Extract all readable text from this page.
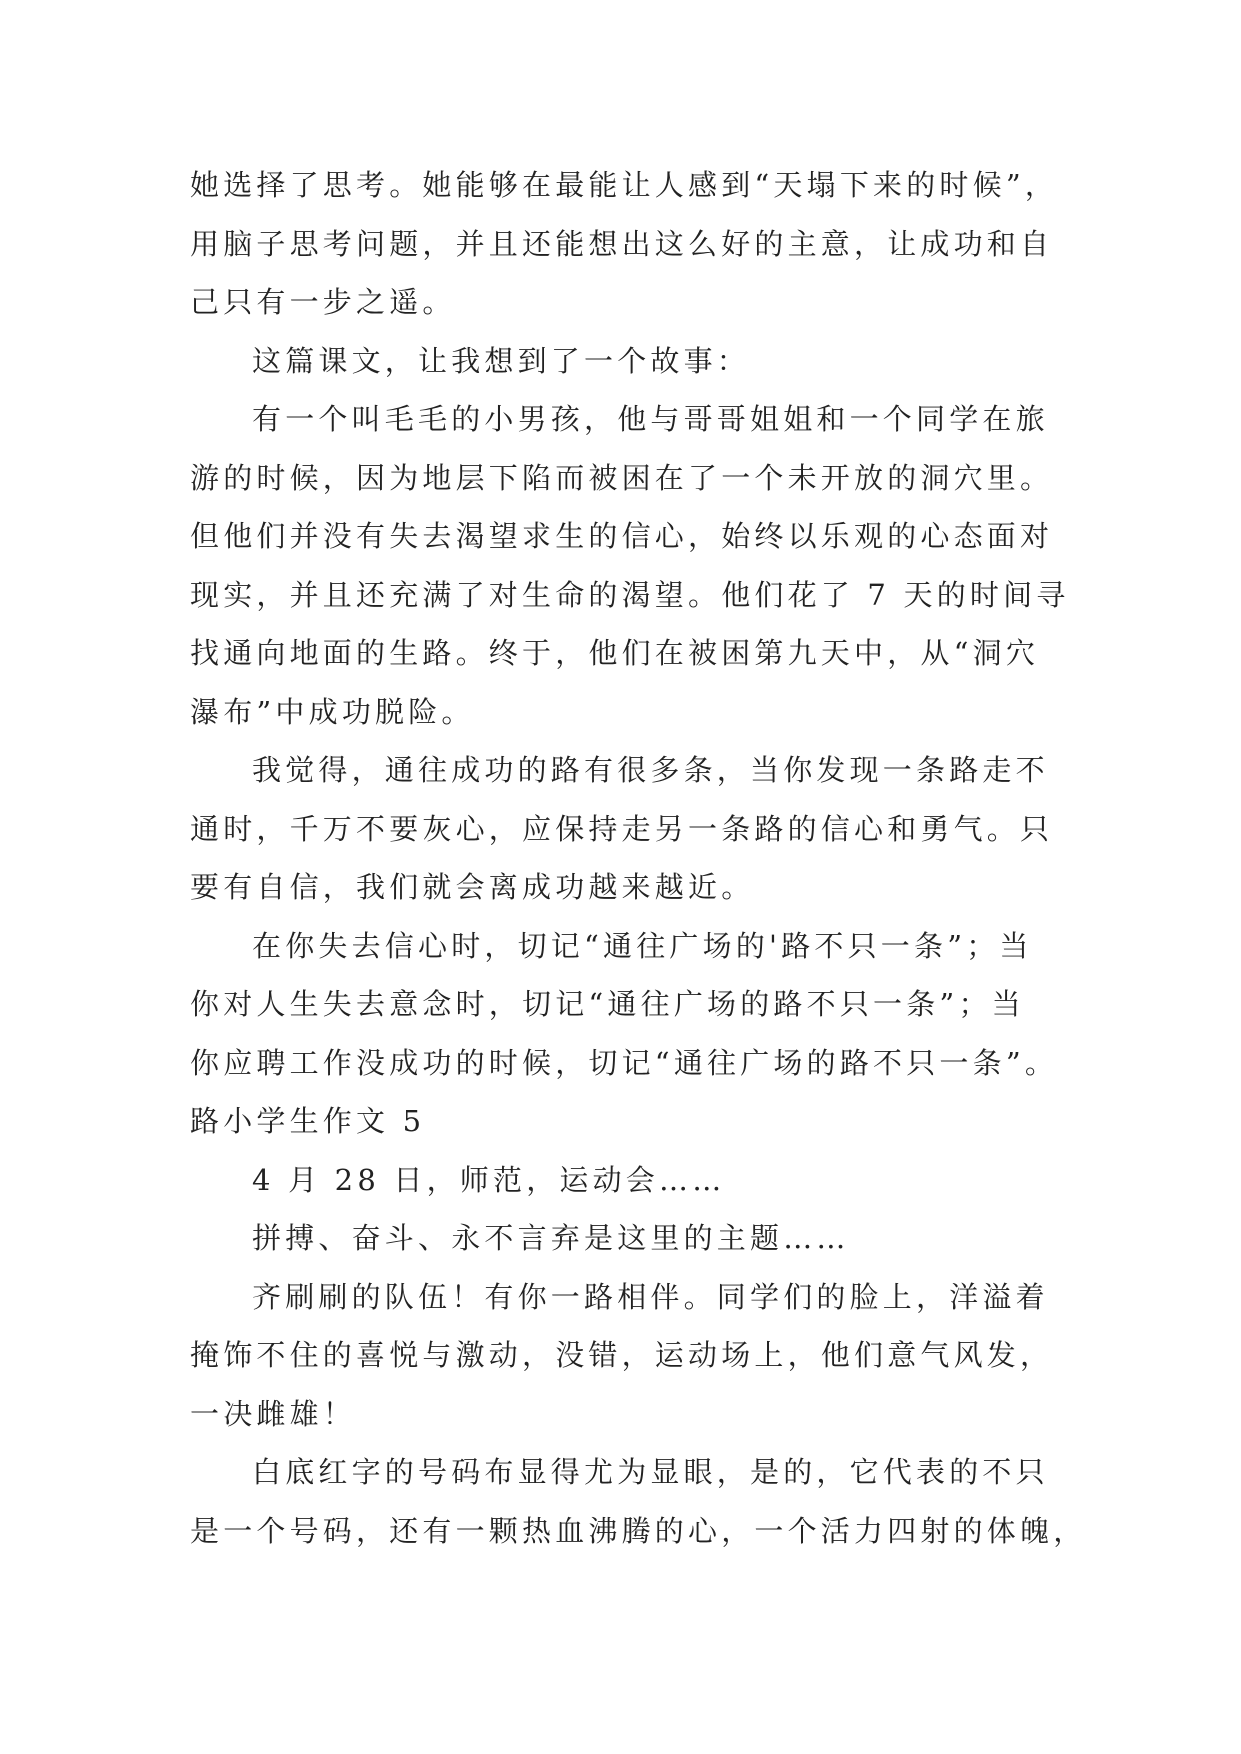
她选择了思考。她能够在最能让人感到“天塌下来的时候”，
用脑子思考问题，并且还能想出这么好的主意，让成功和自
己只有一步之遥。
这篇课文，让我想到了一个故事：
有一个叫毛毛的小男孩，他与哥哥姐姐和一个同学在旅
游的时候，因为地层下陷而被困在了一个未开放的洞穴里。
但他们并没有失去渴望求生的信心，始终以乐观的心态面对
现实，并且还充满了对生命的渴望。他们花了 7 天的时间寻
找通向地面的生路。终于，他们在被困第九天中，从“洞穴
瀑布”中成功脱险。
我觉得，通往成功的路有很多条，当你发现一条路走不
通时，千万不要灰心，应保持走另一条路的信心和勇气。只
要有自信，我们就会离成功越来越近。
在你失去信心时，切记“通往广场的'路不只一条”；当
你对人生失去意念时，切记“通往广场的路不只一条”；当
你应聘工作没成功的时候，切记“通往广场的路不只一条”。
路小学生作文 5
4 月 28 日，师范，运动会……
拼搏、奋斗、永不言弃是这里的主题……
齐刷刷的队伍！有你一路相伴。同学们的脸上，洋溢着
掩饰不住的喜悦与激动，没错，运动场上，他们意气风发，
一决雌雄！
白底红字的号码布显得尤为显眼，是的，它代表的不只
是一个号码，还有一颗热血沸腾的心，一个活力四射的体魄，
